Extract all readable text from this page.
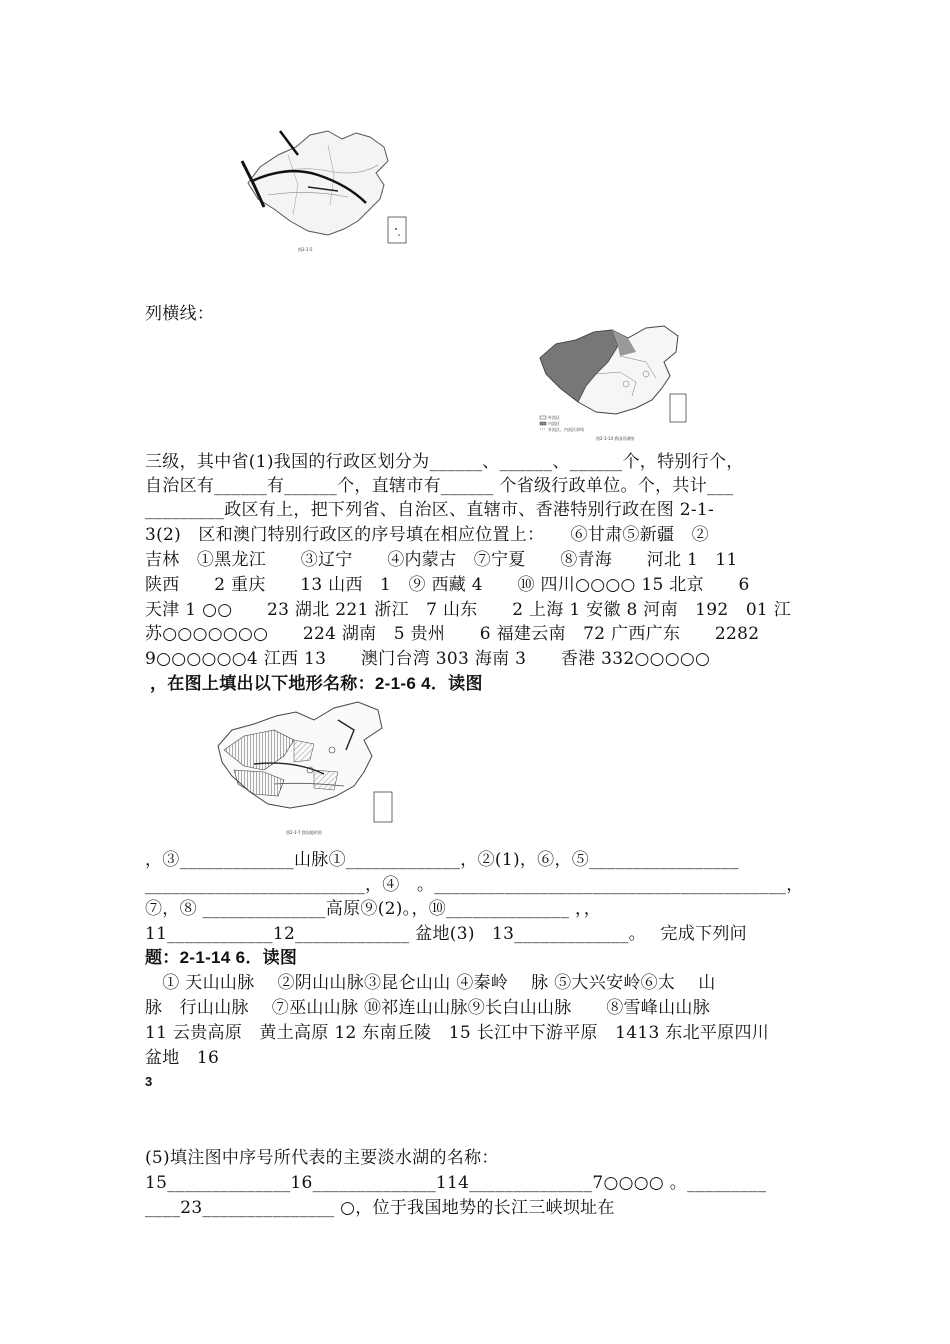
图2-1-5
外流区
内流区
外流区、内流区界线
图2-1-14 我国河湖图
图2-1-7 我国地形图
列横线：
三级，其中省(1)我国的行政区划分为______、______、______个，特别行个，
自治区有______有______个，直辖市有______ 个省级行政单位。个，共计___
_________政区有上，把下列省、自治区、直辖市、香港特别行政在图 2-1-
3(2)　区和澳门特别行政区的序号填在相应位置上：　　⑥甘肃⑤新疆　②
吉林　①黑龙江　　③辽宁　　④内蒙古　⑦宁夏　　⑧青海　　河北 1　11
陕西　　2 重庆　　13 山西　1　⑨ 西藏 4　　⑩ 四川○○○○ 15 北京　　6
天津 1 ○○　　23 湖北 221 浙江　7 山东　　2 上海 1 安徽 8 河南　192　01 江
苏○○○○○○○　　224 湖南　5 贵州　　6 福建云南　72 广西广东　　2282
9○○○○○○4 江西 13　　澳门台湾 303 海南 3　　香港 332○○○○○
，在图上填出以下地形名称：2-1-6 4．读图
，③_____________山脉①_____________，②(1)，⑥，⑤_________________
_________________________，④　。________________________________________，
⑦，⑧ ______________高原⑨(2)。，⑩______________ ，，
11____________12_____________ 盆地(3)　13_____________。　 完成下列问
题：2-1-14 6．读图
　① 天山山脉　 ②阴山山脉③昆仑山山 ④秦岭　 脉 ⑤大兴安岭⑥太　 山
脉　行山山脉　 ⑦巫山山脉 ⑩祁连山山脉⑨长白山山脉　　⑧雪峰山山脉
11 云贵高原　黄土高原 12 东南丘陵　15 长江中下游平原　1413 东北平原四川
盆地　16
3
(5)填注图中序号所代表的主要淡水湖的名称：
15______________16______________114______________7○○○○ 。_________
____23_______________ ○，位于我国地势的长江三峡坝址在
